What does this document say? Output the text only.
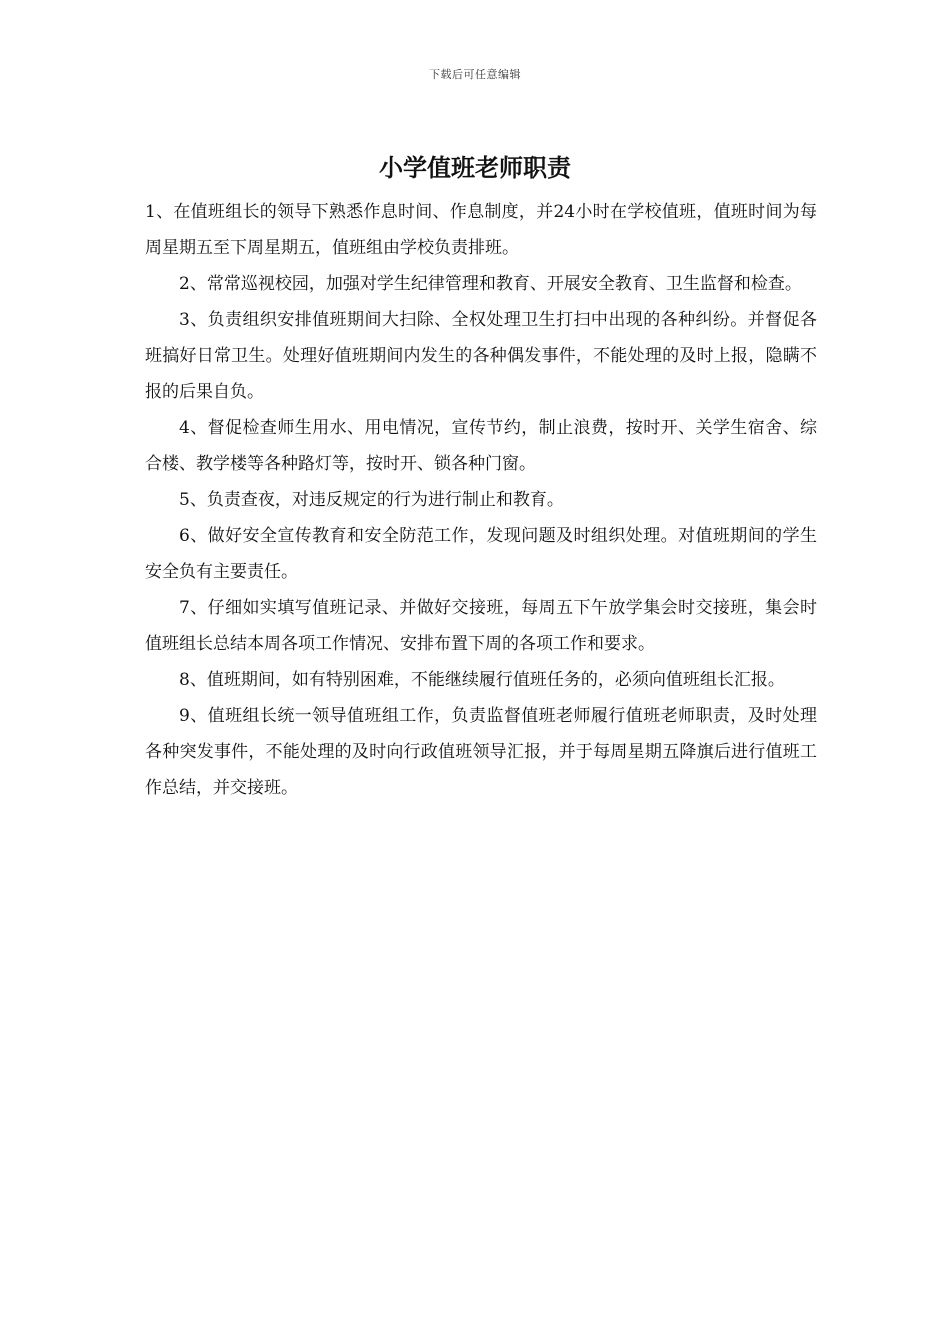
下载后可任意编辑
小学值班老师职责

1、在值班组长的领导下熟悉作息时间、作息制度，并24小时在学校值班，值班时间为每周星期五至下周星期五，值班组由学校负责排班。

2、常常巡视校园，加强对学生纪律管理和教育、开展安全教育、卫生监督和检查。

3、负责组织安排值班期间大扫除、全权处理卫生打扫中出现的各种纠纷。并督促各班搞好日常卫生。处理好值班期间内发生的各种偶发事件，不能处理的及时上报，隐瞒不报的后果自负。

4、督促检查师生用水、用电情况，宣传节约，制止浪费，按时开、关学生宿舍、综合楼、教学楼等各种路灯等，按时开、锁各种门窗。

5、负责查夜，对违反规定的行为进行制止和教育。

6、做好安全宣传教育和安全防范工作，发现问题及时组织处理。对值班期间的学生安全负有主要责任。

7、仔细如实填写值班记录、并做好交接班，每周五下午放学集会时交接班，集会时值班组长总结本周各项工作情况、安排布置下周的各项工作和要求。

8、值班期间，如有特别困难，不能继续履行值班任务的，必须向值班组长汇报。

9、值班组长统一领导值班组工作，负责监督值班老师履行值班老师职责，及时处理各种突发事件，不能处理的及时向行政值班领导汇报，并于每周星期五降旗后进行值班工作总结，并交接班。
